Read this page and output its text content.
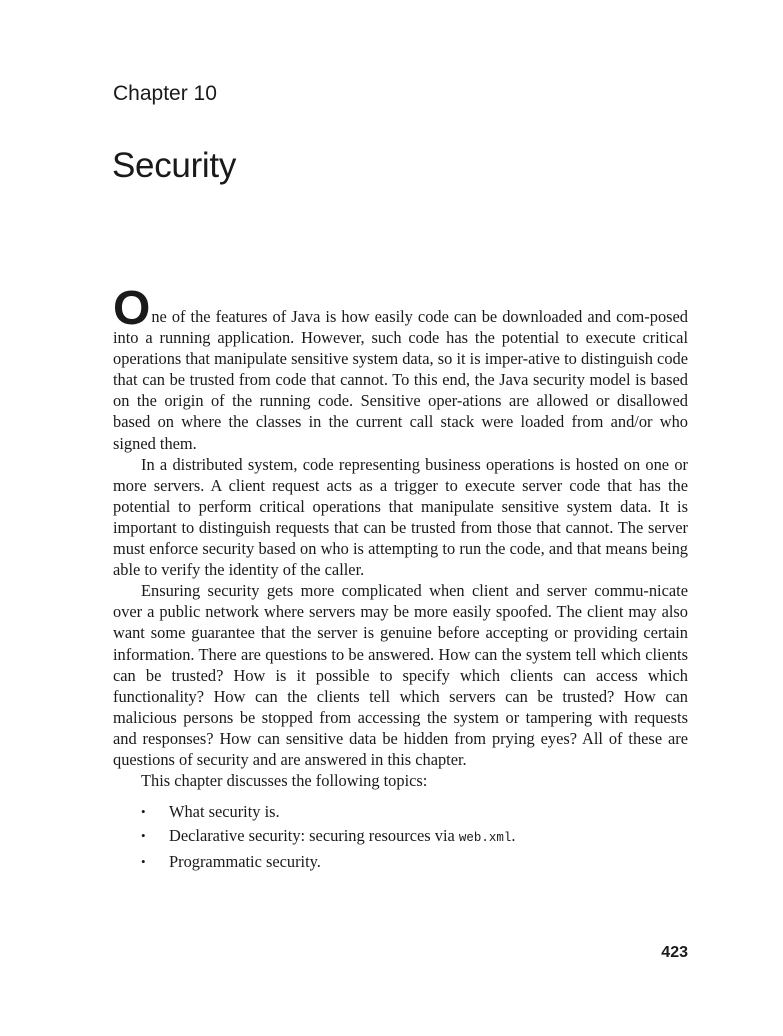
Chapter 10
Security

One of the features of Java is how easily code can be downloaded and com-posed into a running application. However, such code has the potential to execute critical operations that manipulate sensitive system data, so it is imper-ative to distinguish code that can be trusted from code that cannot. To this end, the Java security model is based on the origin of the running code. Sensitive oper-ations are allowed or disallowed based on where the classes in the current call stack were loaded from and/or who signed them.

In a distributed system, code representing business operations is hosted on one or more servers. A client request acts as a trigger to execute server code that has the potential to perform critical operations that manipulate sensitive system data. It is important to distinguish requests that can be trusted from those that cannot. The server must enforce security based on who is attempting to run the code, and that means being able to verify the identity of the caller.

Ensuring security gets more complicated when client and server commu-nicate over a public network where servers may be more easily spoofed. The client may also want some guarantee that the server is genuine before accepting or providing certain information. There are questions to be answered. How can the system tell which clients can be trusted? How is it possible to specify which clients can access which functionality? How can the clients tell which servers can be trusted? How can malicious persons be stopped from accessing the system or tampering with requests and responses? How can sensitive data be hidden from prying eyes? All of these are questions of security and are answered in this chapter.

This chapter discusses the following topics:

• What security is.
• Declarative security: securing resources via web.xml.
• Programmatic security.
423
